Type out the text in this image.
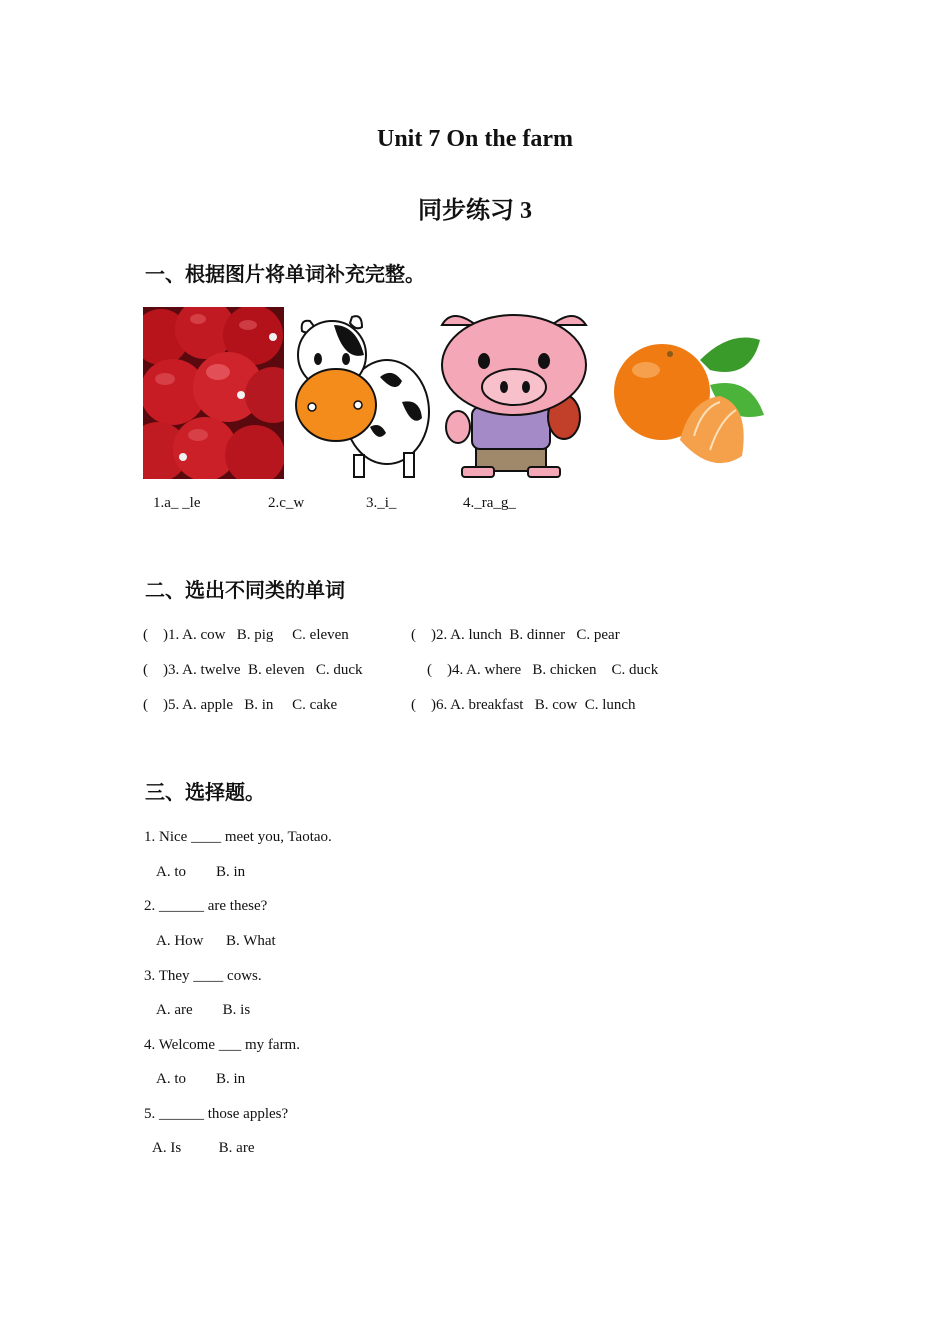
Unit 7 On the farm
同步练习 3
一、根据图片将单词补充完整。
1.a_ _le	2.c_w	3._i_	4._ra_g_
二、选出不同类的单词
(    )1. A. cow   B. pig     C. eleven	(    )2. A. lunch  B. dinner   C. pear
(    )3. A. twelve  B. eleven   C. duck	(    )4. A. where   B. chicken    C. duck
(    )5. A. apple   B. in     C. cake	(    )6. A. breakfast   B. cow  C. lunch
三、选择题。
1. Nice ____ meet you, Taotao.
A. to        B. in
2. ______ are these?
A. How      B. What
3. They ____ cows.
A. are        B. is
4. Welcome ___ my farm.
A. to        B. in
5. ______ those apples?
A. Is          B. are
